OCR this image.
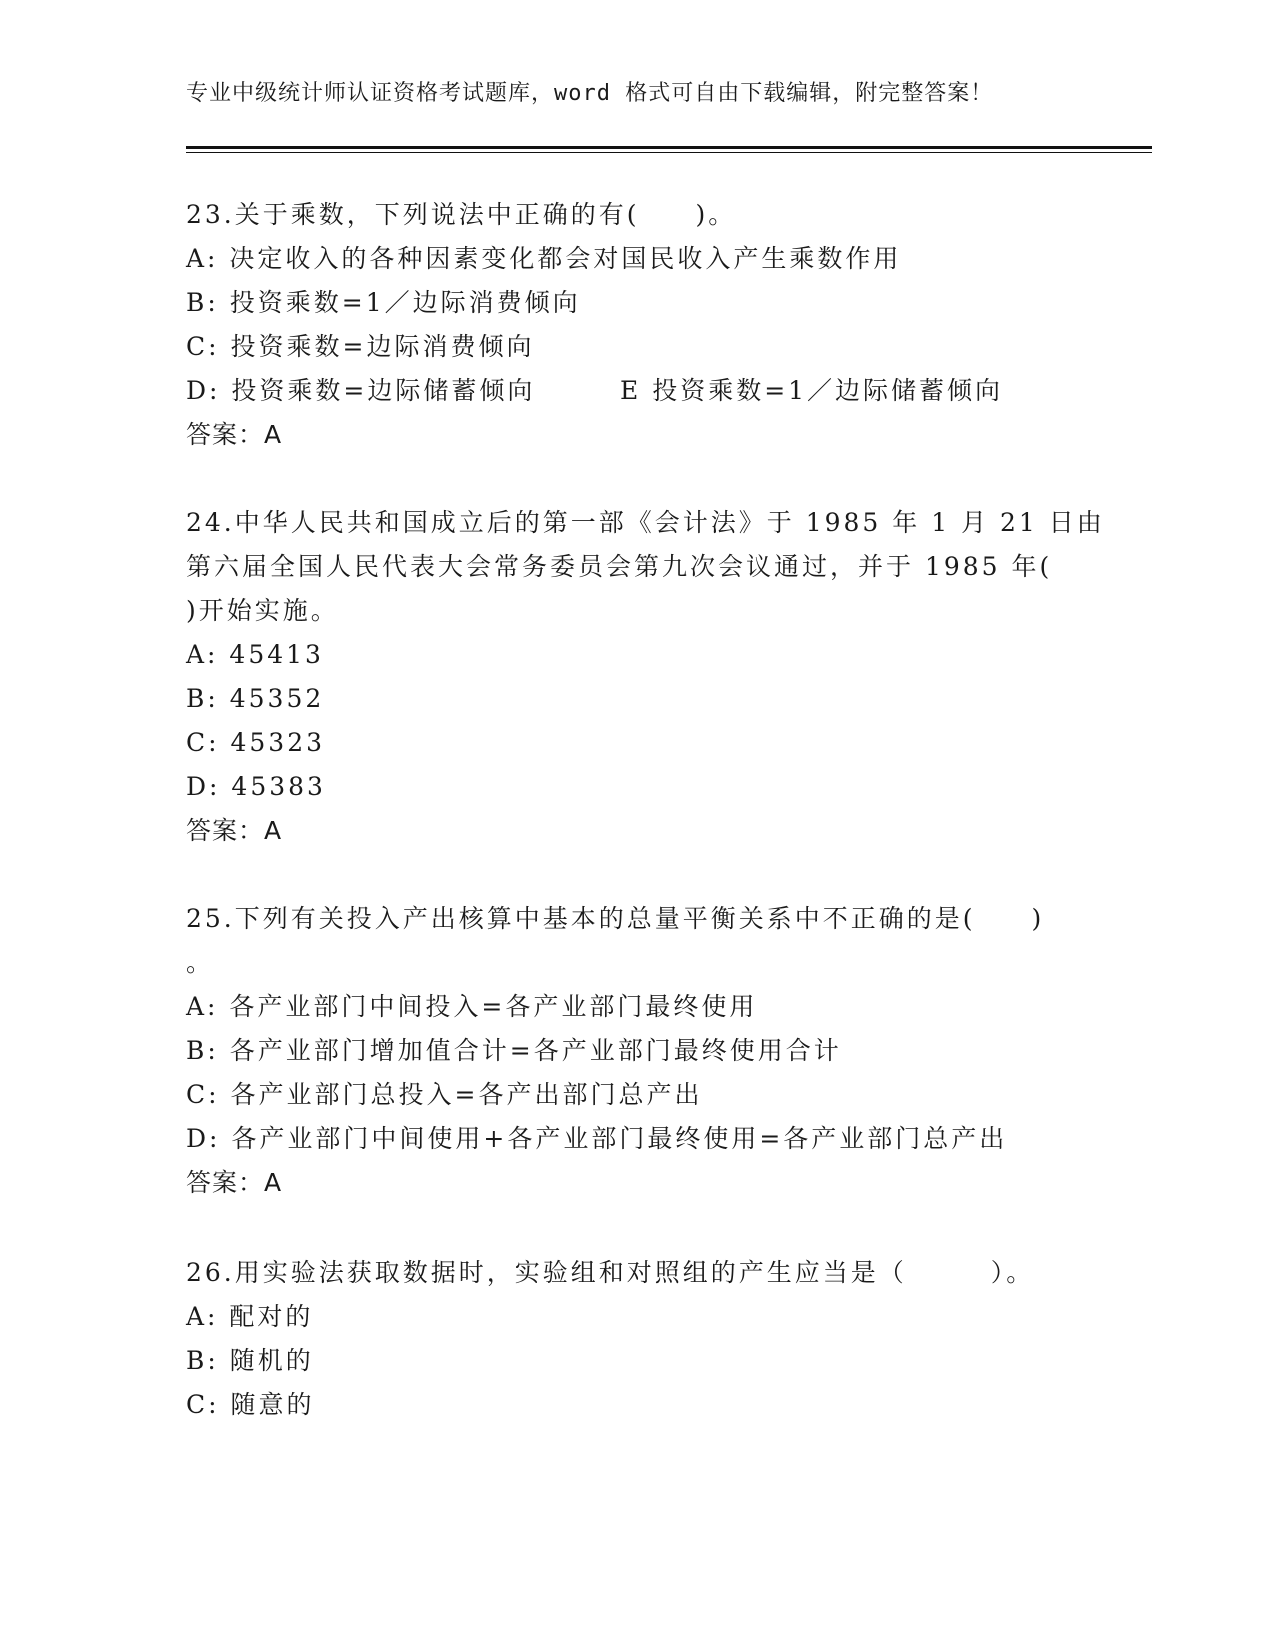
专业中级统计师认证资格考试题库，word 格式可自由下载编辑，附完整答案！
23.关于乘数，下列说法中正确的有(　　)。
A: 决定收入的各种因素变化都会对国民收入产生乘数作用
B: 投资乘数=1／边际消费倾向
C: 投资乘数=边际消费倾向
D: 投资乘数=边际储蓄倾向	E 投资乘数=1／边际储蓄倾向
答案：A
24.中华人民共和国成立后的第一部《会计法》于 1985 年 1 月 21 日由
第六届全国人民代表大会常务委员会第九次会议通过，并于 1985 年(
)开始实施。
A: 45413
B: 45352
C: 45323
D: 45383
答案：A
25.下列有关投入产出核算中基本的总量平衡关系中不正确的是(　　)
。
A: 各产业部门中间投入=各产业部门最终使用
B: 各产业部门增加值合计=各产业部门最终使用合计
C: 各产业部门总投入=各产出部门总产出
D: 各产业部门中间使用+各产业部门最终使用=各产业部门总产出
答案：A
26.用实验法获取数据时，实验组和对照组的产生应当是（　　　）。
A: 配对的
B: 随机的
C: 随意的
